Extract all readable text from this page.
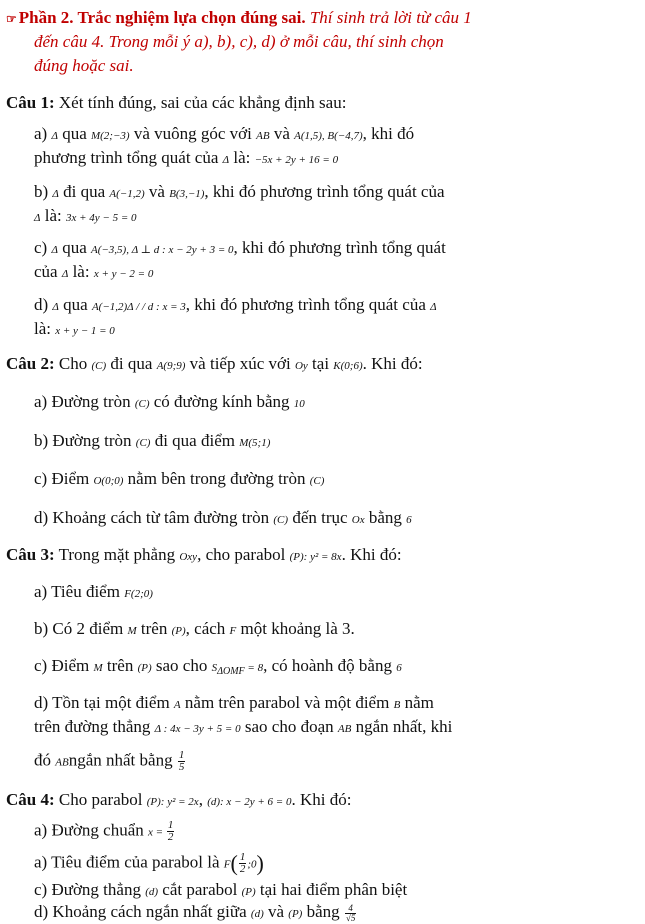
☞ Phần 2. Trắc nghiệm lựa chọn đúng sai. Thí sinh trả lời từ câu 1
đến câu 4. Trong mỗi ý a), b), c), d) ở mỗi câu, thí sinh chọn
đúng hoặc sai.
Câu 1: Xét tính đúng, sai của các khẳng định sau:
a) Δ qua M(2;−3) và vuông góc với AB và A(1,5), B(−4,7), khi đó
phương trình tổng quát của Δ là: −5x + 2y + 16 = 0
b) Δ đi qua A(−1,2) và B(3,−1), khi đó phương trình tổng quát của
Δ là: 3x + 4y − 5 = 0
c) Δ qua A(−3,5), Δ ⊥ d : x − 2y + 3 = 0, khi đó phương trình tổng quát
của Δ là: x + y − 2 = 0
d) Δ qua A(−1,2)Δ / / d : x = 3, khi đó phương trình tổng quát của Δ
là: x + y − 1 = 0
Câu 2: Cho (C) đi qua A(9;9) và tiếp xúc với Oy tại K(0;6). Khi đó:
a) Đường tròn (C) có đường kính bằng 10
b) Đường tròn (C) đi qua điểm M(5;1)
c) Điểm O(0;0) nằm bên trong đường tròn (C)
d) Khoảng cách từ tâm đường tròn (C) đến trục Ox bằng 6
Câu 3: Trong mặt phẳng Oxy, cho parabol (P): y² = 8x. Khi đó:
a) Tiêu điểm F(2;0)
b) Có 2 điểm M trên (P), cách F một khoảng là 3.
c) Điểm M trên (P) sao cho $S_{\Delta OMF} = 8$, có hoành độ bằng 6
d) Tồn tại một điểm A nằm trên parabol và một điểm B nằm
trên đường thẳng Δ : 4x − 3y + 5 = 0 sao cho đoạn AB ngắn nhất, khi
đó ABngắn nhất bằng $\frac{1}{5}$
Câu 4: Cho parabol (P): y² = 2x, (d): x − 2y + 6 = 0. Khi đó:
a) Đường chuẩn $x = \frac{1}{2}$
a) Tiêu điểm của parabol là $F( \frac{1}{2}$ ;0)
c) Đường thẳng (d) cắt parabol (P) tại hai điểm phân biệt
d) Khoảng cách ngắn nhất giữa (d) và (P) bằng $\frac{4}{√5}$
